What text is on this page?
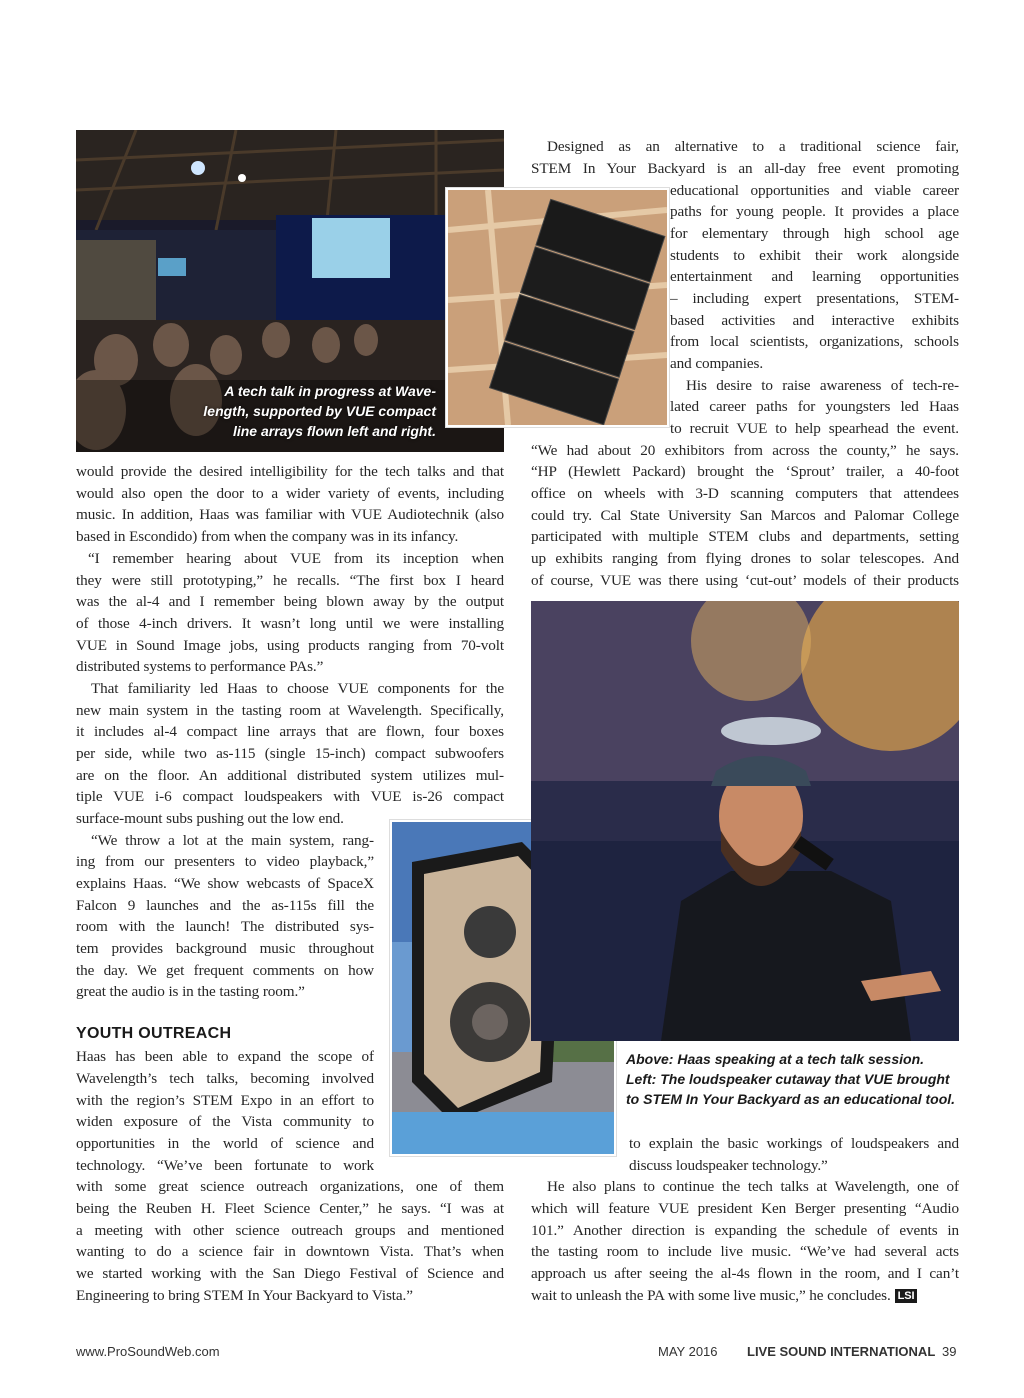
A tech talk in progress at Wave-
length, supported by VUE compact
line arrays flown left and right.
Above: Haas speaking at a tech talk session.
Left: The loudspeaker cutaway that VUE brought
to STEM In Your Backyard as an educational tool.
would provide the desired intelligibility for the tech talks and that
would also open the door to a wider variety of events, including
music. In addition, Haas was familiar with VUE Audiotechnik (also
based in Escondido) from when the company was in its infancy.
“I remember hearing about VUE from its inception when
they were still prototyping,” he recalls. “The first box I heard
was the al-4 and I remember being blown away by the output
of those 4-inch drivers. It wasn’t long until we were installing
VUE in Sound Image jobs, using products ranging from 70-volt
distributed systems to performance PAs.”
That familiarity led Haas to choose VUE components for the
new main system in the tasting room at Wavelength. Specifically,
it includes al-4 compact line arrays that are flown, four boxes
per side, while two as-115 (single 15-inch) compact subwoofers
are on the floor. An additional distributed system utilizes mul-
tiple VUE i-6 compact loudspeakers with VUE is-26 compact
surface-mount subs pushing out the low end.
“We throw a lot at the main system, rang-
ing from our presenters to video playback,”
explains Haas. “We show webcasts of SpaceX
Falcon 9 launches and the as-115s fill the
room with the launch! The distributed sys-
tem provides background music throughout
the day. We get frequent comments on how
great the audio is in the tasting room.”
YOUTH OUTREACH
Haas has been able to expand the scope of
Wavelength’s tech talks, becoming involved
with the region’s STEM Expo in an effort to
widen exposure of the Vista community to
opportunities in the world of science and
technology. “We’ve been fortunate to work
with some great science outreach organizations, one of them
being the Reuben H. Fleet Science Center,” he says. “I was at
a meeting with other science outreach groups and mentioned
wanting to do a science fair in downtown Vista. That’s when
we started working with the San Diego Festival of Science and
Engineering to bring STEM In Your Backyard to Vista.”
Designed as an alternative to a traditional science fair,
STEM In Your Backyard is an all-day free event promoting
educational opportunities and viable career
paths for young people. It provides a place
for elementary through high school age
students to exhibit their work alongside
entertainment and learning opportunities
– including expert presentations, STEM-
based activities and interactive exhibits
from local scientists, organizations, schools
and companies.
His desire to raise awareness of tech-re-
lated career paths for youngsters led Haas
to recruit VUE to help spearhead the event.
“We had about 20 exhibitors from across the county,” he says.
“HP (Hewlett Packard) brought the ‘Sprout’ trailer, a 40-foot
office on wheels with 3-D scanning computers that attendees
could try. Cal State University San Marcos and Palomar College
participated with multiple STEM clubs and departments, setting
up exhibits ranging from flying drones to solar telescopes. And
of course, VUE was there using ‘cut-out’ models of their products
to explain the basic workings of loudspeakers and
discuss loudspeaker technology.”
He also plans to continue the tech talks at Wavelength, one of
which will feature VUE president Ken Berger presenting “Audio
101.” Another direction is expanding the schedule of events in
the tasting room to include live music. “We’ve had several acts
approach us after seeing the al-4s flown in the room, and I can’t
wait to unleash the PA with some live music,” he concludes. LSI
www.ProSoundWeb.com	MAY 2016 LIVE SOUND INTERNATIONAL 39
